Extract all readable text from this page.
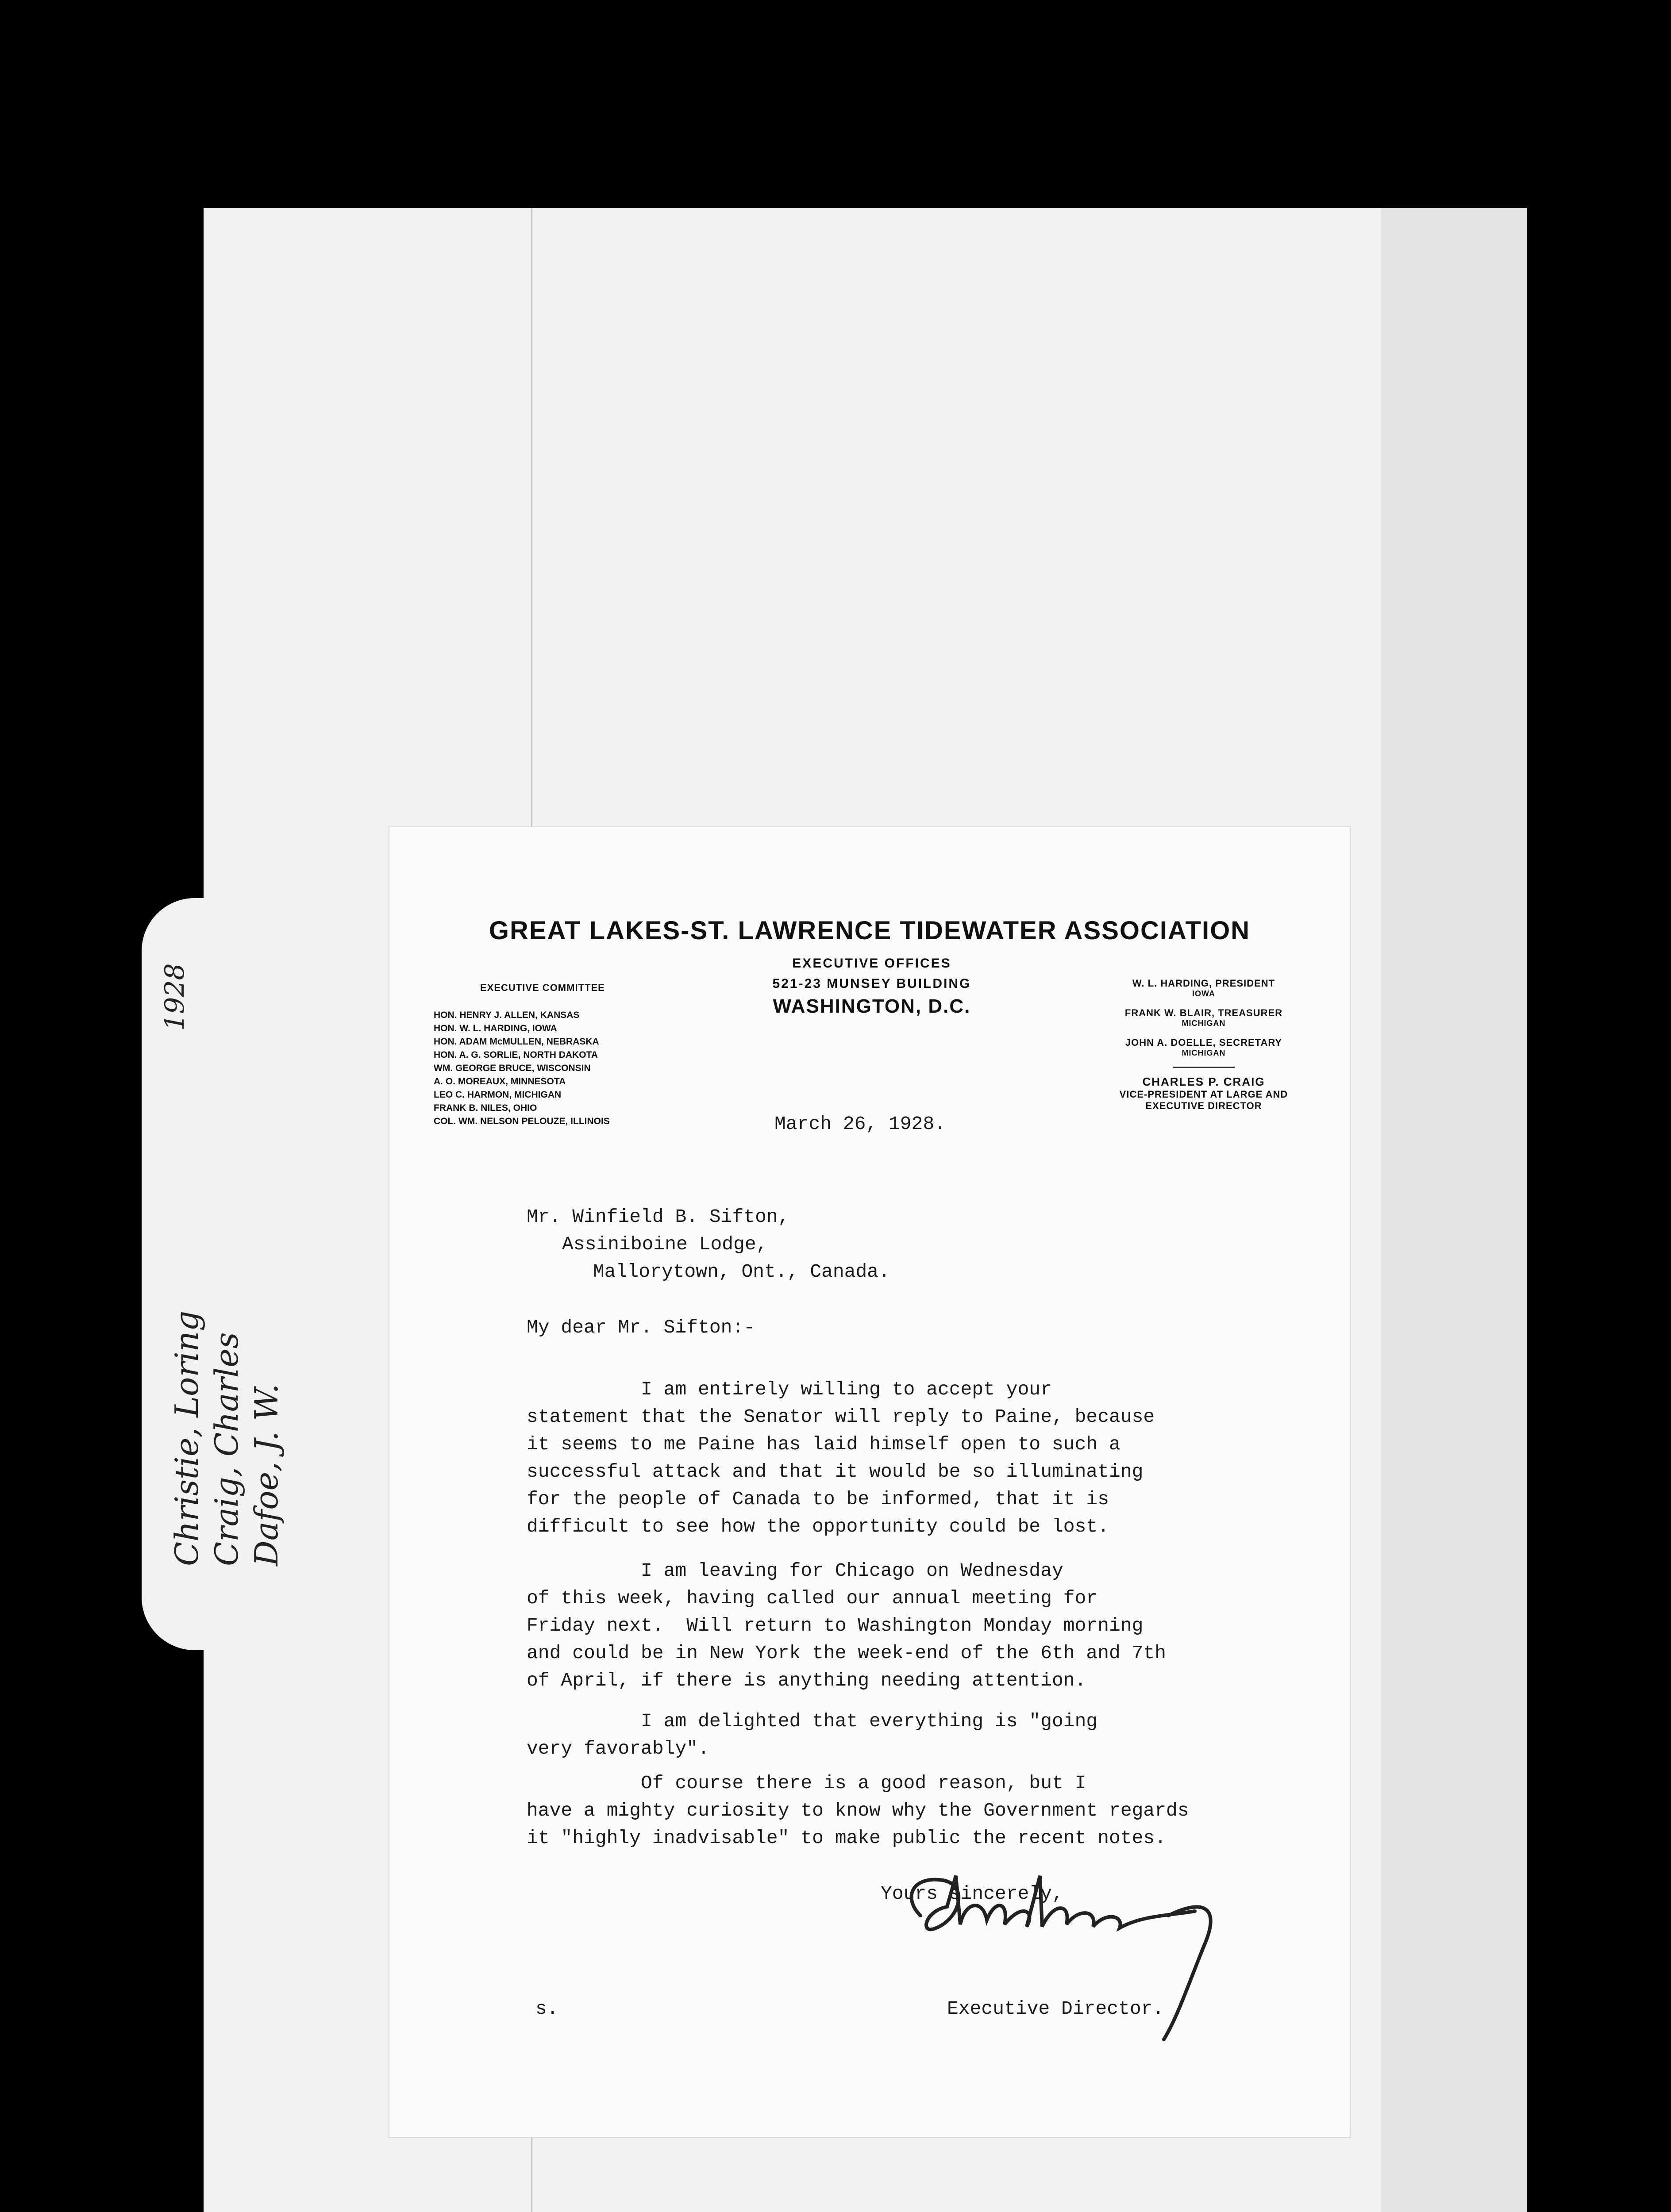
1928
Christie, Loring Craig, Charles Dafoe, J. W.
GREAT LAKES-ST. LAWRENCE TIDEWATER ASSOCIATION
EXECUTIVE OFFICES
521-23 MUNSEY BUILDING
WASHINGTON, D.C.
EXECUTIVE COMMITTEE
HON. HENRY J. ALLEN, KANSAS
HON. W. L. HARDING, IOWA
HON. ADAM McMULLEN, NEBRASKA
HON. A. G. SORLIE, NORTH DAKOTA
WM. GEORGE BRUCE, WISCONSIN
A. O. MOREAUX, MINNESOTA
LEO C. HARMON, MICHIGAN
FRANK B. NILES, OHIO
COL. WM. NELSON PELOUZE, ILLINOIS
W. L. HARDING, PRESIDENT
IOWA
FRANK W. BLAIR, TREASURER
MICHIGAN
JOHN A. DOELLE, SECRETARY
MICHIGAN
CHARLES P. CRAIG
VICE-PRESIDENT AT LARGE AND
EXECUTIVE DIRECTOR
March 26, 1928.
Mr. Winfield B. Sifton,
Assiniboine Lodge,
Mallorytown, Ont., Canada.
My dear Mr. Sifton:-
I am entirely willing to accept your
statement that the Senator will reply to Paine, because
it seems to me Paine has laid himself open to such a
successful attack and that it would be so illuminating
for the people of Canada to be informed, that it is
difficult to see how the opportunity could be lost.
I am leaving for Chicago on Wednesday
of this week, having called our annual meeting for
Friday next.  Will return to Washington Monday morning
and could be in New York the week-end of the 6th and 7th
of April, if there is anything needing attention.
I am delighted that everything is "going
very favorably".
Of course there is a good reason, but I
have a mighty curiosity to know why the Government regards
it "highly inadvisable" to make public the recent notes.
Yours sincerely,
Executive Director.
s.
